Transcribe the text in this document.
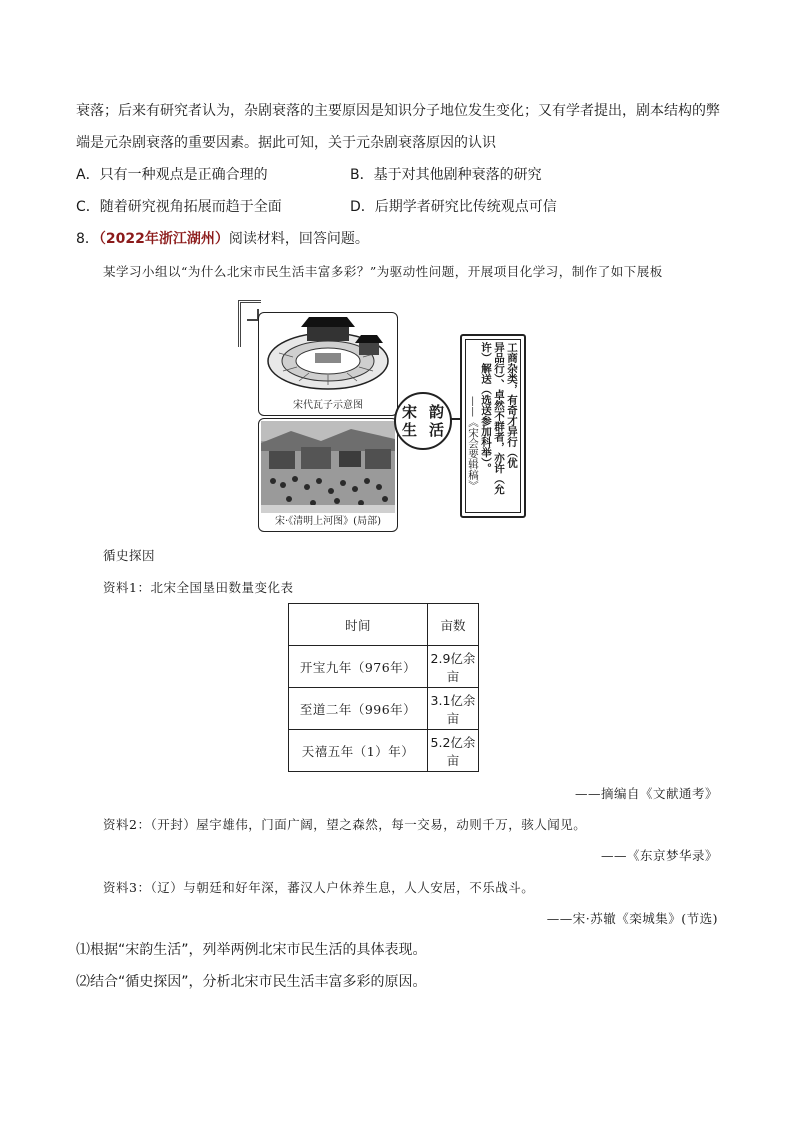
衰落；后来有研究者认为，杂剧衰落的主要原因是知识分子地位发生变化；又有学者提出，剧本结构的弊
端是元杂剧衰落的重要因素。据此可知，关于元杂剧衰落原因的认识
A．只有一种观点是正确合理的	B．基于对其他剧种衰落的研究
C．随着研究视角拓展而趋于全面	D．后期学者研究比传统观点可信
8．（2022年浙江湖州）阅读材料，回答问题。
某学习小组以“为什么北宋市民生活丰富多彩？”为驱动性问题，开展项目化学习，制作了如下展板
宋代瓦子示意图
宋·《清明上河图》(局部)
宋 韵
生 活	工商杂类，有奇才异行（优
异品行）、卓然不群者，亦许（允
许）解送（选送参加科举）。
——《宋会要辑稿》
循史探因
资料1：北宋全国垦田数量变化表
时间	亩数
开宝九年（976年）	2.9亿余亩
至道二年（996年）	3.1亿余亩
天禧五年（1）年）	5.2亿余亩
——摘编自《文献通考》
资料2：（开封）屋宇雄伟，门面广阔，望之森然，每一交易，动则千万，骇人闻见。
——《东京梦华录》
资料3：（辽）与朝廷和好年深，蕃汉人户休养生息，人人安居，不乐战斗。
——宋·苏辙《栾城集》(节选)
⑴根据“宋韵生活”，列举两例北宋市民生活的具体表现。
⑵结合“循史探因”，分析北宋市民生活丰富多彩的原因。
